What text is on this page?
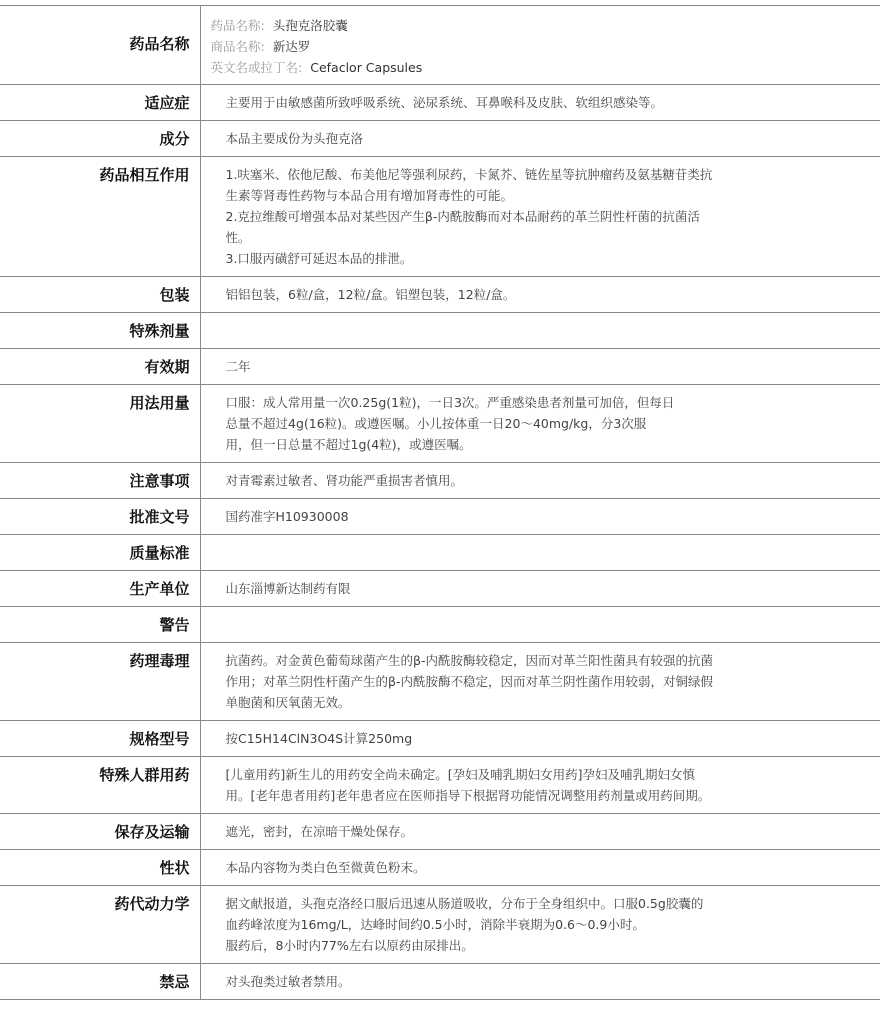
药品名称	药品名称: 头孢克洛胶囊
商品名称: 新达罗
英文名或拉丁名: Cefaclor Capsules

适应症	主要用于由敏感菌所致呼吸系统、泌尿系统、耳鼻喉科及皮肤、软组织感染等。

成分	本品主要成份为头孢克洛

药品相互作用	1.呋塞米、依他尼酸、布美他尼等强利尿药，卡氮芥、链佐星等抗肿瘤药及氨基糖苷类抗
生素等肾毒性药物与本品合用有增加肾毒性的可能。
2.克拉维酸可增强本品对某些因产生β-内酰胺酶而对本品耐药的革兰阴性杆菌的抗菌活
性。
3.口服丙磺舒可延迟本品的排泄。

包装	铝铝包装，6粒/盒，12粒/盒。铝塑包装，12粒/盒。

特殊剂量	
有效期	二年

用法用量	口服：成人常用量一次0.25g(1粒)，一日3次。严重感染患者剂量可加倍，但每日
总量不超过4g(16粒)。或遵医嘱。小儿按体重一日20～40mg/kg，分3次服
用，但一日总量不超过1g(4粒)，或遵医嘱。

注意事项	对青霉素过敏者、肾功能严重损害者慎用。

批准文号	国药准字H10930008

质量标准	
生产单位	山东淄博新达制药有限

警告	
药理毒理	抗菌药。对金黄色葡萄球菌产生的β-内酰胺酶较稳定，因而对革兰阳性菌具有较强的抗菌
作用；对革兰阴性杆菌产生的β-内酰胺酶不稳定，因而对革兰阴性菌作用较弱，对铜绿假
单胞菌和厌氧菌无效。

规格型号	按C15H14ClN3O4S计算250mg

特殊人群用药	[儿童用药]新生儿的用药安全尚未确定。[孕妇及哺乳期妇女用药]孕妇及哺乳期妇女慎
用。[老年患者用药]老年患者应在医师指导下根据肾功能情况调整用药剂量或用药间期。

保存及运输	遮光，密封，在凉暗干燥处保存。

性状	本品内容物为类白色至微黄色粉末。

药代动力学	据文献报道，头孢克洛经口服后迅速从肠道吸收，分布于全身组织中。口服0.5g胶囊的
血药峰浓度为16mg/L，达峰时间约0.5小时，消除半衰期为0.6～0.9小时。
服药后，8小时内77%左右以原药由尿排出。

禁忌	对头孢类过敏者禁用。
